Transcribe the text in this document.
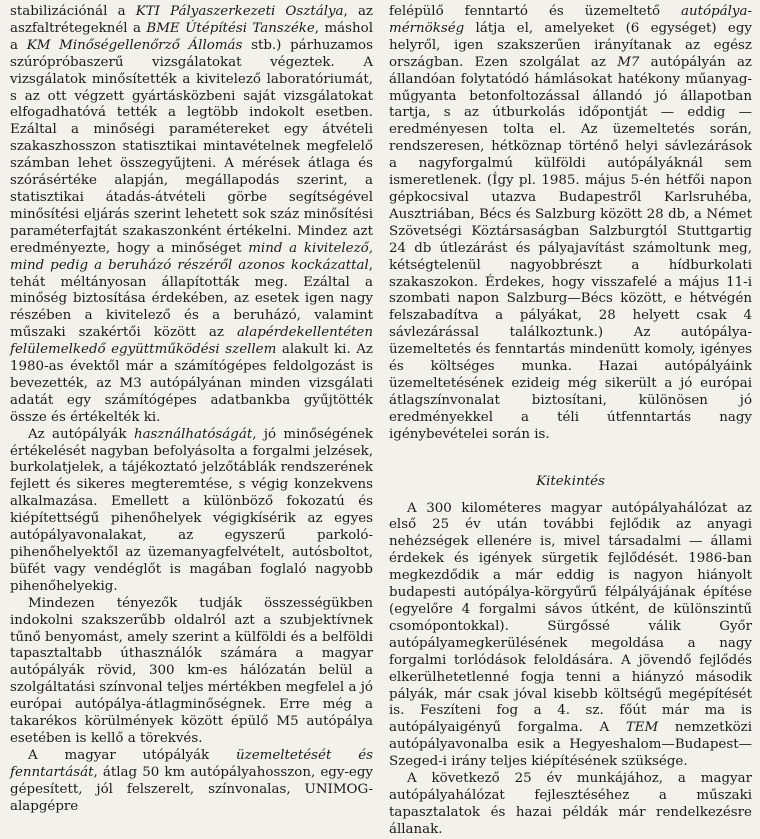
stabilizációnál a KTI Pályaszerkezeti Osztálya, az aszfaltrétegeknél a BME Útépítési Tanszéke, máshol a KM Minőségellenőrző Állomás stb.) párhuzamos szúrópróbaszerű vizsgálatokat végeztek. A vizsgálatok minősítették a kivitelező laboratóriumát, s az ott végzett gyártásközbeni saját vizsgálatokat elfogadhatóvá tették a legtöbb indokolt esetben. Ezáltal a minőségi paramétereket egy átvételi szakaszhosszon statisztikai mintavételnek megfelelő számban lehet összegyűjteni. A mérések átlaga és szórásértéke alapján, megállapodás szerint, a statisztikai átadás-átvételi görbe segítségével minősítési eljárás szerint lehetett sok száz minősítési paraméterfajtát szakaszonként értékelni. Mindez azt eredményezte, hogy a minőséget mind a kivitelező, mind pedig a beruházó részéről azonos kockázattal, tehát méltányosan állapították meg. Ezáltal a minőség biztosítása érdekében, az esetek igen nagy részében a kivitelező és a beruházó, valamint műszaki szakértői között az alapérdekellentéten felülemelkedő együttműködési szellem alakult ki. Az 1980-as évektől már a számítógépes feldolgozást is bevezették, az M3 autópályánan minden vizsgálati adatát egy számítógépes adatbankba gyűjtötték össze és értékelték ki.

Az autópályák használhatóságát, jó minőségének értékelését nagyban befolyásolta a forgalmi jelzések, burkolatjelek, a tájékoztató jelzőtáblák rendszerének fejlett és sikeres megteremtése, s végig konzekvens alkalmazása. Emellett a különböző fokozatú és kiépítettségű pihenőhelyek végigkísérik az egyes autópályavonalakat, az egyszerű parkoló-pihenőhelyektől az üzemanyagfelvételt, autósboltot, büfét vagy vendéglőt is magában foglaló nagyobb pihenőhelyekig.

Mindezen tényezők tudják összességükben indokolni szakszerűbb oldalról azt a szubjektívnek tűnő benyomást, amely szerint a külföldi és a belföldi tapasztaltabb úthasználók számára a magyar autópályák rövid, 300 km-es hálózatán belül a szolgáltatási színvonal teljes mértékben megfelel a jó európai autópálya-átlagminőségnek. Erre még a takarékos körülmények között épülő M5 autópálya esetében is kellő a törekvés.

A magyar utópályák üzemeltetését és fenntartását, átlag 50 km autópályahosszon, egy-egy gépesített, jól felszerelt, színvonalas, UNIMOG-alapgépre

felépülő fenntartó és üzemeltető autópálya-mérnökség látja el, amelyeket (6 egységet) egy helyről, igen szakszerűen irányítanak az egész országban. Ezen szolgálat az M7 autópályán az állandóan folytatódó hámlásokat hatékony műanyag-műgyanta betonfoltozással állandó jó állapotban tartja, s az útburkolás időpontját — eddig — eredményesen tolta el. Az üzemeltetés során, rendszeresen, hétköznap történő helyi sávlezárások a nagyforgalmú külföldi autópályáknál sem ismeretlenek. (Így pl. 1985. május 5-én hétfői napon gépkocsival utazva Budapestről Karlsruhéba, Ausztriában, Bécs és Salzburg között 28 db, a Német Szövetségi Köztársaságban Salzburgtól Stuttgartig 24 db útlezárást és pályajavítást számoltunk meg, kétségtelenül nagyobbrészt a hídburkolati szakaszokon. Érdekes, hogy visszafelé a május 11-i szombati napon Salzburg—Bécs között, e hétvégén felszabadítva a pályákat, 28 helyett csak 4 sávlezárással találkoztunk.) Az autópálya-üzemeltetés és fenntartás mindenütt komoly, igényes és költséges munka. Hazai autópályáink üzemeltetésének ezideig még sikerült a jó európai átlagszínvonalat biztosítani, különösen jó eredményekkel a téli útfenntartás nagy igénybevételei során is.

Kitekintés

A 300 kilométeres magyar autópályahálózat az első 25 év után további fejlődik az anyagi nehézségek ellenére is, mivel társadalmi — állami érdekek és igények sürgetik fejlődését. 1986-ban megkezdődik a már eddig is nagyon hiányolt budapesti autópálya-körgyűrű félpályájának építése (egyelőre 4 forgalmi sávos útként, de különszintű csomópontokkal). Sürgőssé válik Győr autópályamegkerülésének megoldása a nagy forgalmi torlódások feloldására. A jövendő fejlődés elkerülhetetlenné fogja tenni a hiányzó második pályák, már csak jóval kisebb költségű megépítését is. Feszíteni fog a 4. sz. főút már ma is autópályaigényű forgalma. A TEM nemzetközi autópályavonalba esik a Hegyeshalom—Budapest—Szeged-i irány teljes kiépítésének szüksége.

A következő 25 év munkájához, a magyar autópályahálózat fejlesztéséhez a műszaki tapasztalatok és hazai példák már rendelkezésre állanak.
